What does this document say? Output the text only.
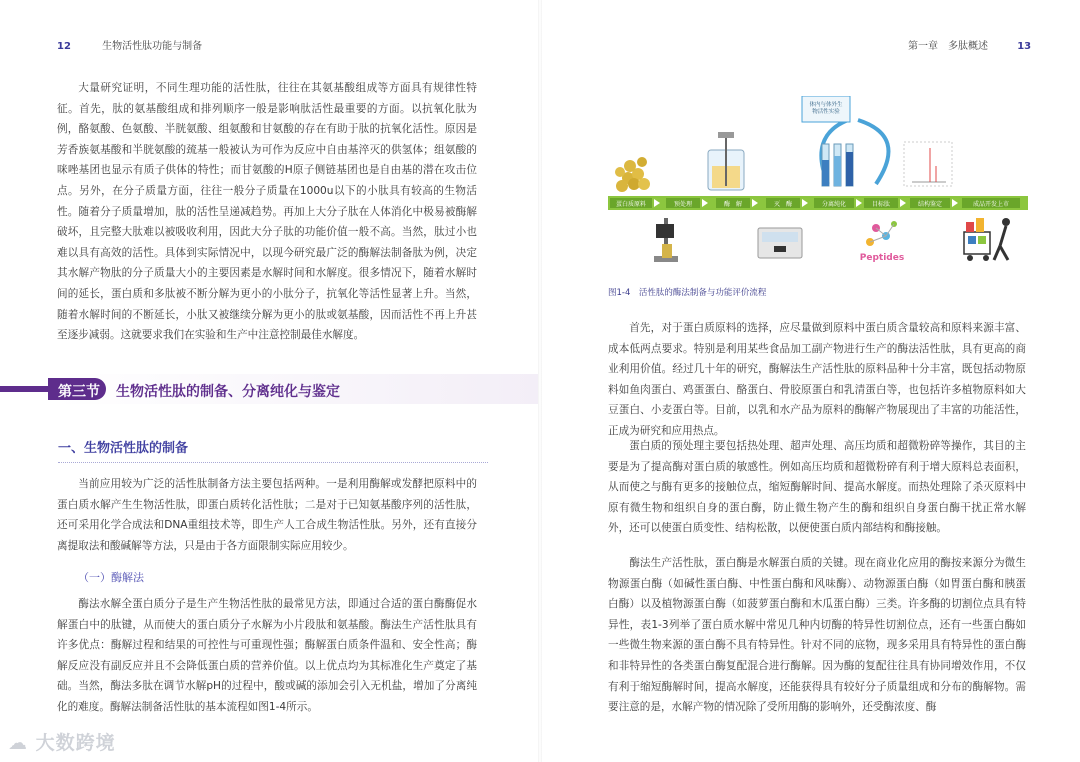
12	生物活性肽功能与制备

大量研究证明，不同生理功能的活性肽，往往在其氨基酸组成等方面具有规律性特征。首先，肽的氨基酸组成和排列顺序一般是影响肽活性最重要的方面。以抗氧化肽为例，酪氨酸、色氨酸、半胱氨酸、组氨酸和甘氨酸的存在有助于肽的抗氧化活性。原因是芳香族氨基酸和半胱氨酸的巯基一般被认为可作为反应中自由基淬灭的供氢体；组氨酸的咪唑基团也显示有质子供体的特性；而甘氨酸的H原子侧链基团也是自由基的潜在攻击位点。另外，在分子质量方面，往往一般分子质量在1000u以下的小肽具有较高的生物活性。随着分子质量增加，肽的活性呈递减趋势。再加上大分子肽在人体消化中极易被酶解破坏，且完整大肽难以被吸收利用，因此大分子肽的功能价值一般不高。当然，肽过小也难以具有高效的活性。具体到实际情况中，以现今研究最广泛的酶解法制备肽为例，决定其水解产物肽的分子质量大小的主要因素是水解时间和水解度。很多情况下，随着水解时间的延长，蛋白质和多肽被不断分解为更小的小肽分子，抗氧化等活性显著上升。当然，随着水解时间的不断延长，小肽又被继续分解为更小的肽或氨基酸，因而活性不再上升甚至逐步减弱。这就要求我们在实验和生产中注意控制最佳水解度。

第三节 生物活性肽的制备、分离纯化与鉴定
一、生物活性肽的制备

当前应用较为广泛的活性肽制备方法主要包括两种。一是利用酶解或发酵把原料中的蛋白质水解产生生物活性肽，即蛋白质转化活性肽；二是对于已知氨基酸序列的活性肽，还可采用化学合成法和DNA重组技术等，即生产人工合成生物活性肽。另外，还有直接分离提取法和酸碱解等方法，只是由于各方面限制实际应用较少。

（一）酶解法

酶法水解全蛋白质分子是生产生物活性肽的最常见方法，即通过合适的蛋白酶酶促水解蛋白中的肽键，从而使大的蛋白质分子水解为小片段肽和氨基酸。酶法生产活性肽具有许多优点：酶解过程和结果的可控性与可重现性强；酶解蛋白质条件温和、安全性高；酶解反应没有副反应并且不会降低蛋白质的营养价值。以上优点均为其标准化生产奠定了基础。当然，酶法多肽在调节水解pH的过程中，酸或碱的添加会引入无机盐，增加了分离纯化的难度。酶解法制备活性肽的基本流程如图1-4所示。

第一章　多肽概述	13
体内与体外生物活性实验
蛋白质原料	预处理	酶　解	灭　酶	分离纯化	目标肽	结构鉴定	成品开发上市
Peptides
图1-4　活性肽的酶法制备与功能评价流程

首先，对于蛋白质原料的选择，应尽量做到原料中蛋白质含量较高和原料来源丰富、成本低两点要求。特别是利用某些食品加工副产物进行生产的酶法活性肽，具有更高的商业利用价值。经过几十年的研究，酶解法生产活性肽的原料品种十分丰富，既包括动物原料如鱼肉蛋白、鸡蛋蛋白、酪蛋白、骨胶原蛋白和乳清蛋白等，也包括许多植物原料如大豆蛋白、小麦蛋白等。目前，以乳和水产品为原料的酶解产物展现出了丰富的功能活性，正成为研究和应用热点。

蛋白质的预处理主要包括热处理、超声处理、高压均质和超微粉碎等操作，其目的主要是为了提高酶对蛋白质的敏感性。例如高压均质和超微粉碎有利于增大原料总表面积，从而使之与酶有更多的接触位点，缩短酶解时间、提高水解度。而热处理除了杀灭原料中原有微生物和组织自身的蛋白酶，防止微生物产生的酶和组织自身蛋白酶干扰正常水解外，还可以使蛋白质变性、结构松散，以便使蛋白质内部结构和酶接触。

酶法生产活性肽，蛋白酶是水解蛋白质的关键。现在商业化应用的酶按来源分为微生物源蛋白酶（如碱性蛋白酶、中性蛋白酶和风味酶）、动物源蛋白酶（如胃蛋白酶和胰蛋白酶）以及植物源蛋白酶（如菠萝蛋白酶和木瓜蛋白酶）三类。许多酶的切割位点具有特异性，表1-3列举了蛋白质水解中常见几种内切酶的特异性切割位点，还有一些蛋白酶如一些微生物来源的蛋白酶不具有特异性。针对不同的底物，现多采用具有特异性的蛋白酶和非特异性的各类蛋白酶复配混合进行酶解。因为酶的复配往往具有协同增效作用，不仅有利于缩短酶解时间，提高水解度，还能获得具有较好分子质量组成和分布的酶解物。需要注意的是，水解产物的情况除了受所用酶的影响外，还受酶浓度、酶

☁ 大数跨境
